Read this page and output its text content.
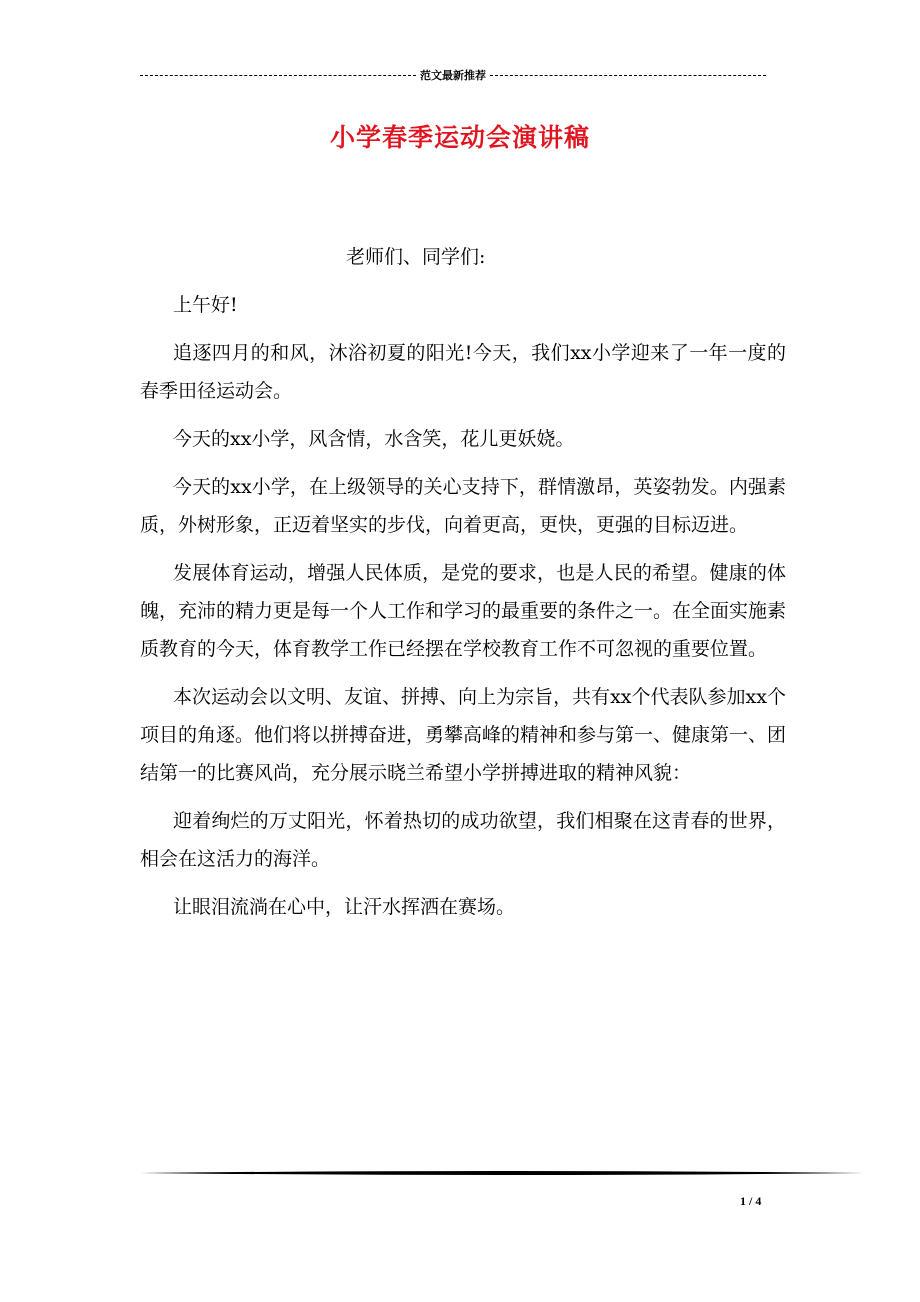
范文最新推荐
小学春季运动会演讲稿

老师们、同学们:

上午好!

追逐四月的和风，沐浴初夏的阳光!今天，我们xx小学迎来了一年一度的春季田径运动会。

今天的xx小学，风含情，水含笑，花儿更妖娆。

今天的xx小学，在上级领导的关心支持下，群情激昂，英姿勃发。内强素质，外树形象，正迈着坚实的步伐，向着更高，更快，更强的目标迈进。

发展体育运动，增强人民体质，是党的要求，也是人民的希望。健康的体魄，充沛的精力更是每一个人工作和学习的最重要的条件之一。在全面实施素质教育的今天，体育教学工作已经摆在学校教育工作不可忽视的重要位置。

本次运动会以文明、友谊、拼搏、向上为宗旨，共有xx个代表队参加xx个项目的角逐。他们将以拼搏奋进，勇攀高峰的精神和参与第一、健康第一、团结第一的比赛风尚，充分展示晓兰希望小学拼搏进取的精神风貌：

迎着绚烂的万丈阳光，怀着热切的成功欲望，我们相聚在这青春的世界，相会在这活力的海洋。

让眼泪流淌在心中，让汗水挥洒在赛场。

1 / 4
